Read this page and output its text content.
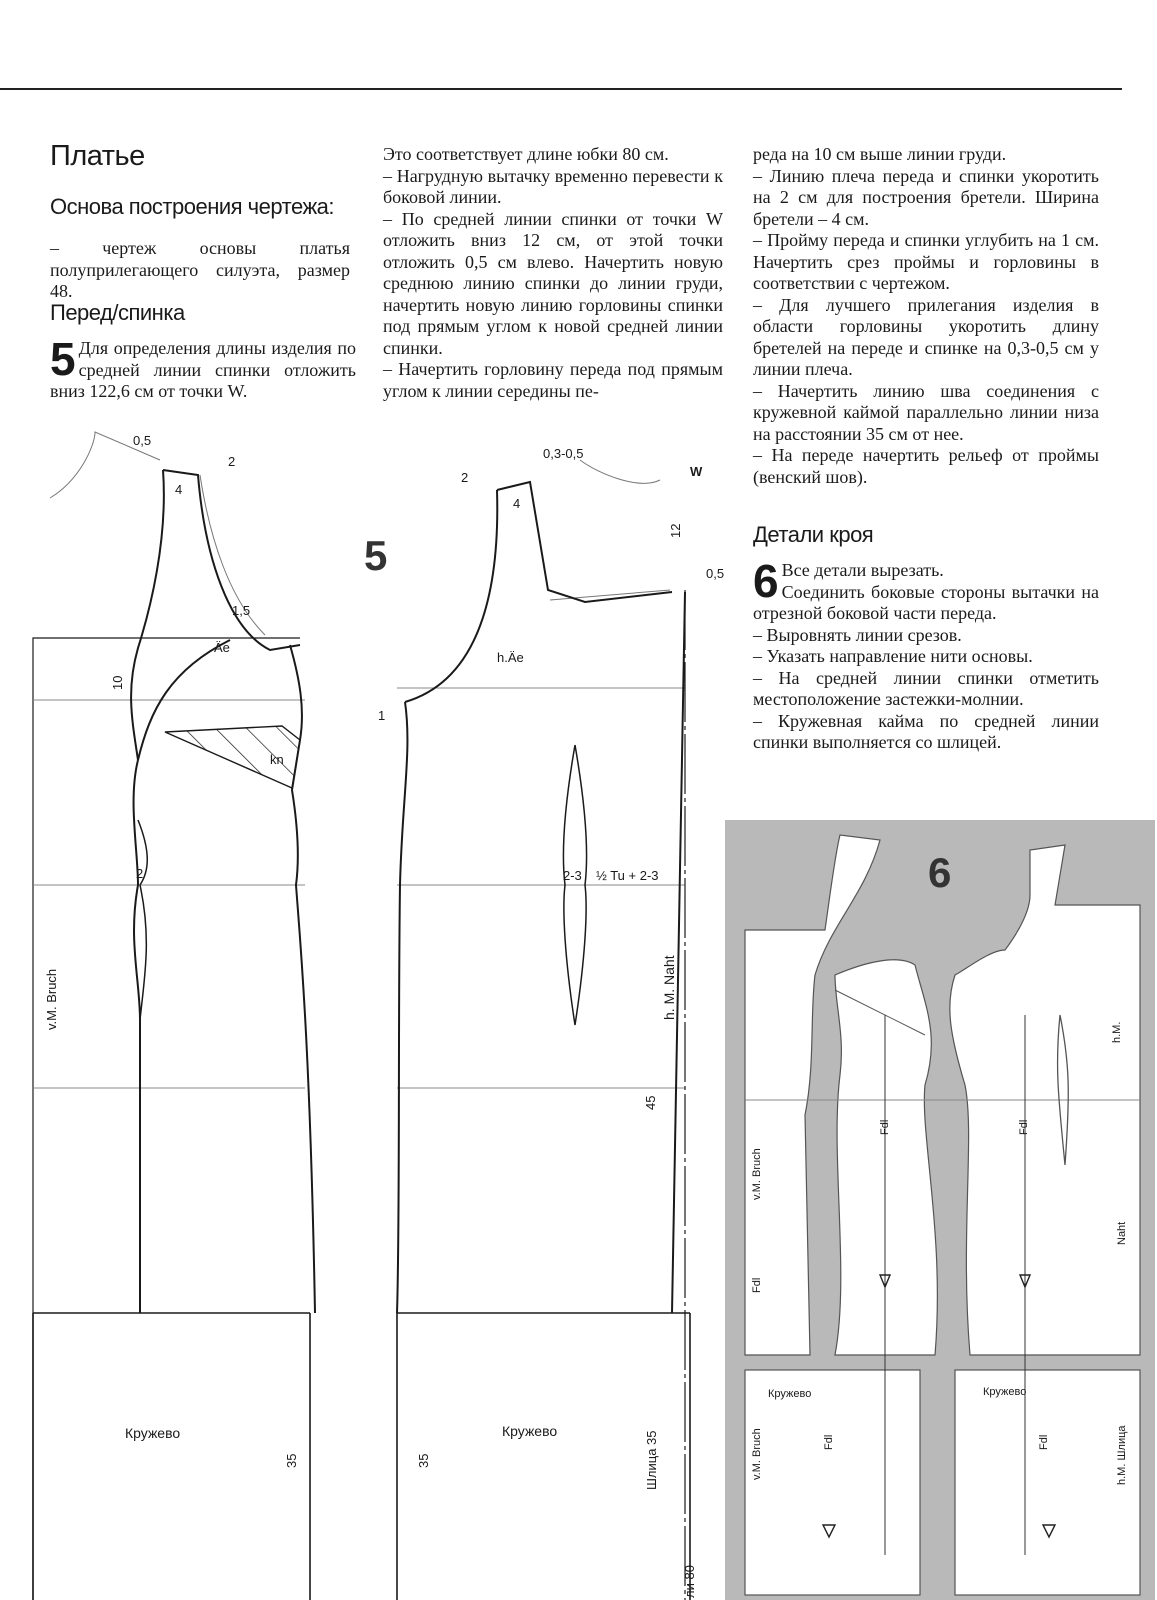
Платье
Основа построения чертежа:

– чертеж основы платья полуприлегающего силуэта, размер 48.

Перед/спинка
5 Для определения длины изделия по средней линии спинки отложить вниз 122,6 см от точки W.

Это соответствует длине юбки 80 см.

– Нагрудную вытачку временно перевести к боковой линии.

– По средней линии спинки от точки W отложить вниз 12 см, от этой точки отложить 0,5 см влево. Начертить новую среднюю линию спинки до линии груди, начертить новую линию горловины спинки под прямым углом к новой средней линии спинки.

– Начертить горловину переда под прямым углом к линии середины пе-

реда на 10 см выше линии груди.

– Линию плеча переда и спинки укоротить на 2 см для построения бретели. Ширина бретели – 4 см.

– Пройму переда и спинки углубить на 1 см. Начертить срез проймы и горловины в соответствии с чертежом.

– Для лучшего прилегания изделия в области горловины укоротить длину бретелей на переде и спинке на 0,3-0,5 см у линии плеча.

– Начертить линию шва соединения с кружевной каймой параллельно линии низа на расстоянии 35 см от нее.

– На переде начертить рельеф от проймы (венский шов).

Детали кроя
6 Все детали вырезать.

Соединить боковые стороны вытачки на отрезной боковой части переда.

– Выровнять линии срезов.

– Указать направление нити основы.

– На средней линии спинки отметить местоположение застежки-молнии.

– Кружевная кайма по средней линии спинки выполняется со шлицей.

0,5
2
4
1,5
Äe
10
kn
2
v.M. Bruch
Кружево
35
0,3-0,5
2
4
W
12
0,5
h.Äe
1
2-3 ½ Tu + 2-3
h. M. Naht
45
35
Кружево	Шлица 35
ли 80
5
6
v.M. Bruch
Fdl	Fdl
Fdl
h.M.
Naht
Кружево	Кружево
v.M. Bruch	Fdl	Fdl	h.M. Шлица
